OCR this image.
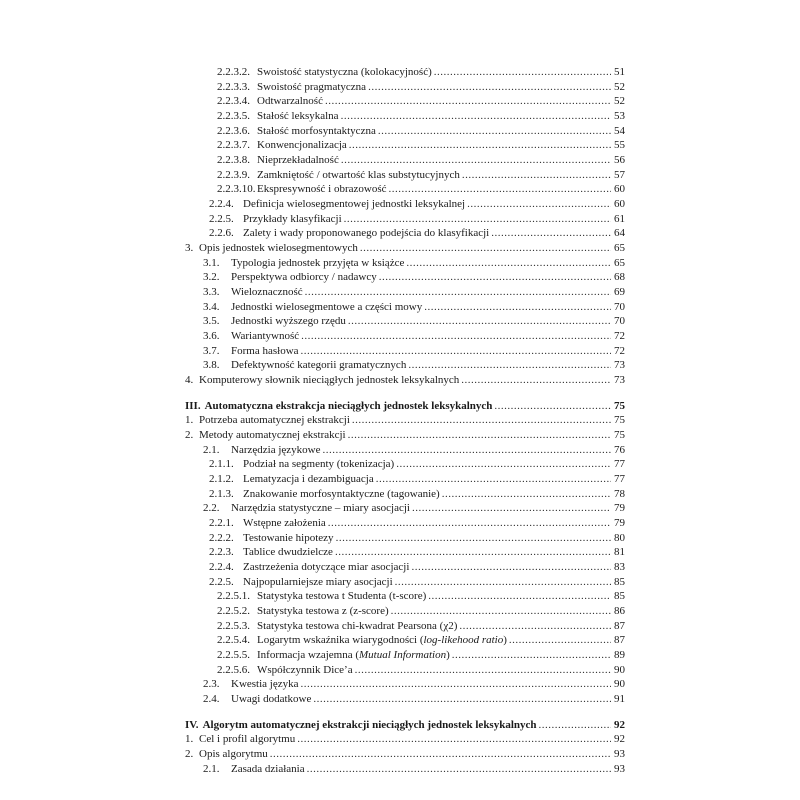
2.2.3.2. Swoistość statystyczna (kolokacyjność) .....	51
2.2.3.3. Swoistość pragmatyczna .....	52
2.2.3.4. Odtwarzalność .....	52
2.2.3.5. Stałość leksykalna .....	53
2.2.3.6. Stałość morfosyntaktyczna .....	54
2.2.3.7. Konwencjonalizacja .....	55
2.2.3.8. Nieprzekładalność .....	56
2.2.3.9. Zamkniętość / otwartość klas substytucyjnych .....	57
2.2.3.10. Ekspresywność i obrazowość .....	60
2.2.4. Definicja wielosegmentowej jednostki leksykalnej .....	60
2.2.5. Przykłady klasyfikacji .....	61
2.2.6. Zalety i wady proponowanego podejścia do klasyfikacji .....	64
3. Opis jednostek wielosegmentowych .....	65
3.1.	Typologia jednostek przyjęta w książce .....	65
3.2.	Perspektywa odbiorcy / nadawcy .....	68
3.3.	Wieloznaczność .....	69
3.4.	Jednostki wielosegmentowe a części mowy .....	70
3.5.	Jednostki wyższego rzędu .....	70
3.6.	Wariantywność .....	72
3.7.	Forma hasłowa .....	72
3.8.	Defektywność kategorii gramatycznych .....	73
4. Komputerowy słownik nieciągłych jednostek leksykalnych .....	73
III. Automatyczna ekstrakcja nieciągłych jednostek leksykalnych .....	75
1. Potrzeba automatycznej ekstrakcji .....	75
2. Metody automatycznej ekstrakcji .....	75
2.1.	Narzędzia językowe .....	76
2.1.1. Podział na segmenty (tokenizacja) .....	77
2.1.2. Lematyzacja i dezambiguacja .....	77
2.1.3. Znakowanie morfosyntaktyczne (tagowanie) .....	78
2.2.	Narzędzia statystyczne – miary asocjacji .....	79
2.2.1. Wstępne założenia .....	79
2.2.2. Testowanie hipotezy .....	80
2.2.3. Tablice dwudzielcze .....	81
2.2.4. Zastrzeżenia dotyczące miar asocjacji .....	83
2.2.5. Najpopularniejsze miary asocjacji .....	85
2.2.5.1. Statystyka testowa t Studenta (t-score) .....	85
2.2.5.2. Statystyka testowa z (z-score) .....	86
2.2.5.3. Statystyka testowa chi-kwadrat Pearsona (χ2) .....	87
2.2.5.4. Logarytm wskaźnika wiarygodności (log-likehood ratio) .....	87
2.2.5.5. Informacja wzajemna (Mutual Information) .....	89
2.2.5.6. Współczynnik Dice’a .....	90
2.3.	Kwestia języka .....	90
2.4.	Uwagi dodatkowe .....	91
IV. Algorytm automatycznej ekstrakcji nieciągłych jednostek leksykalnych .....	92
1. Cel i profil algorytmu .....	92
2. Opis algorytmu .....	93
2.1.	Zasada działania .....	93
